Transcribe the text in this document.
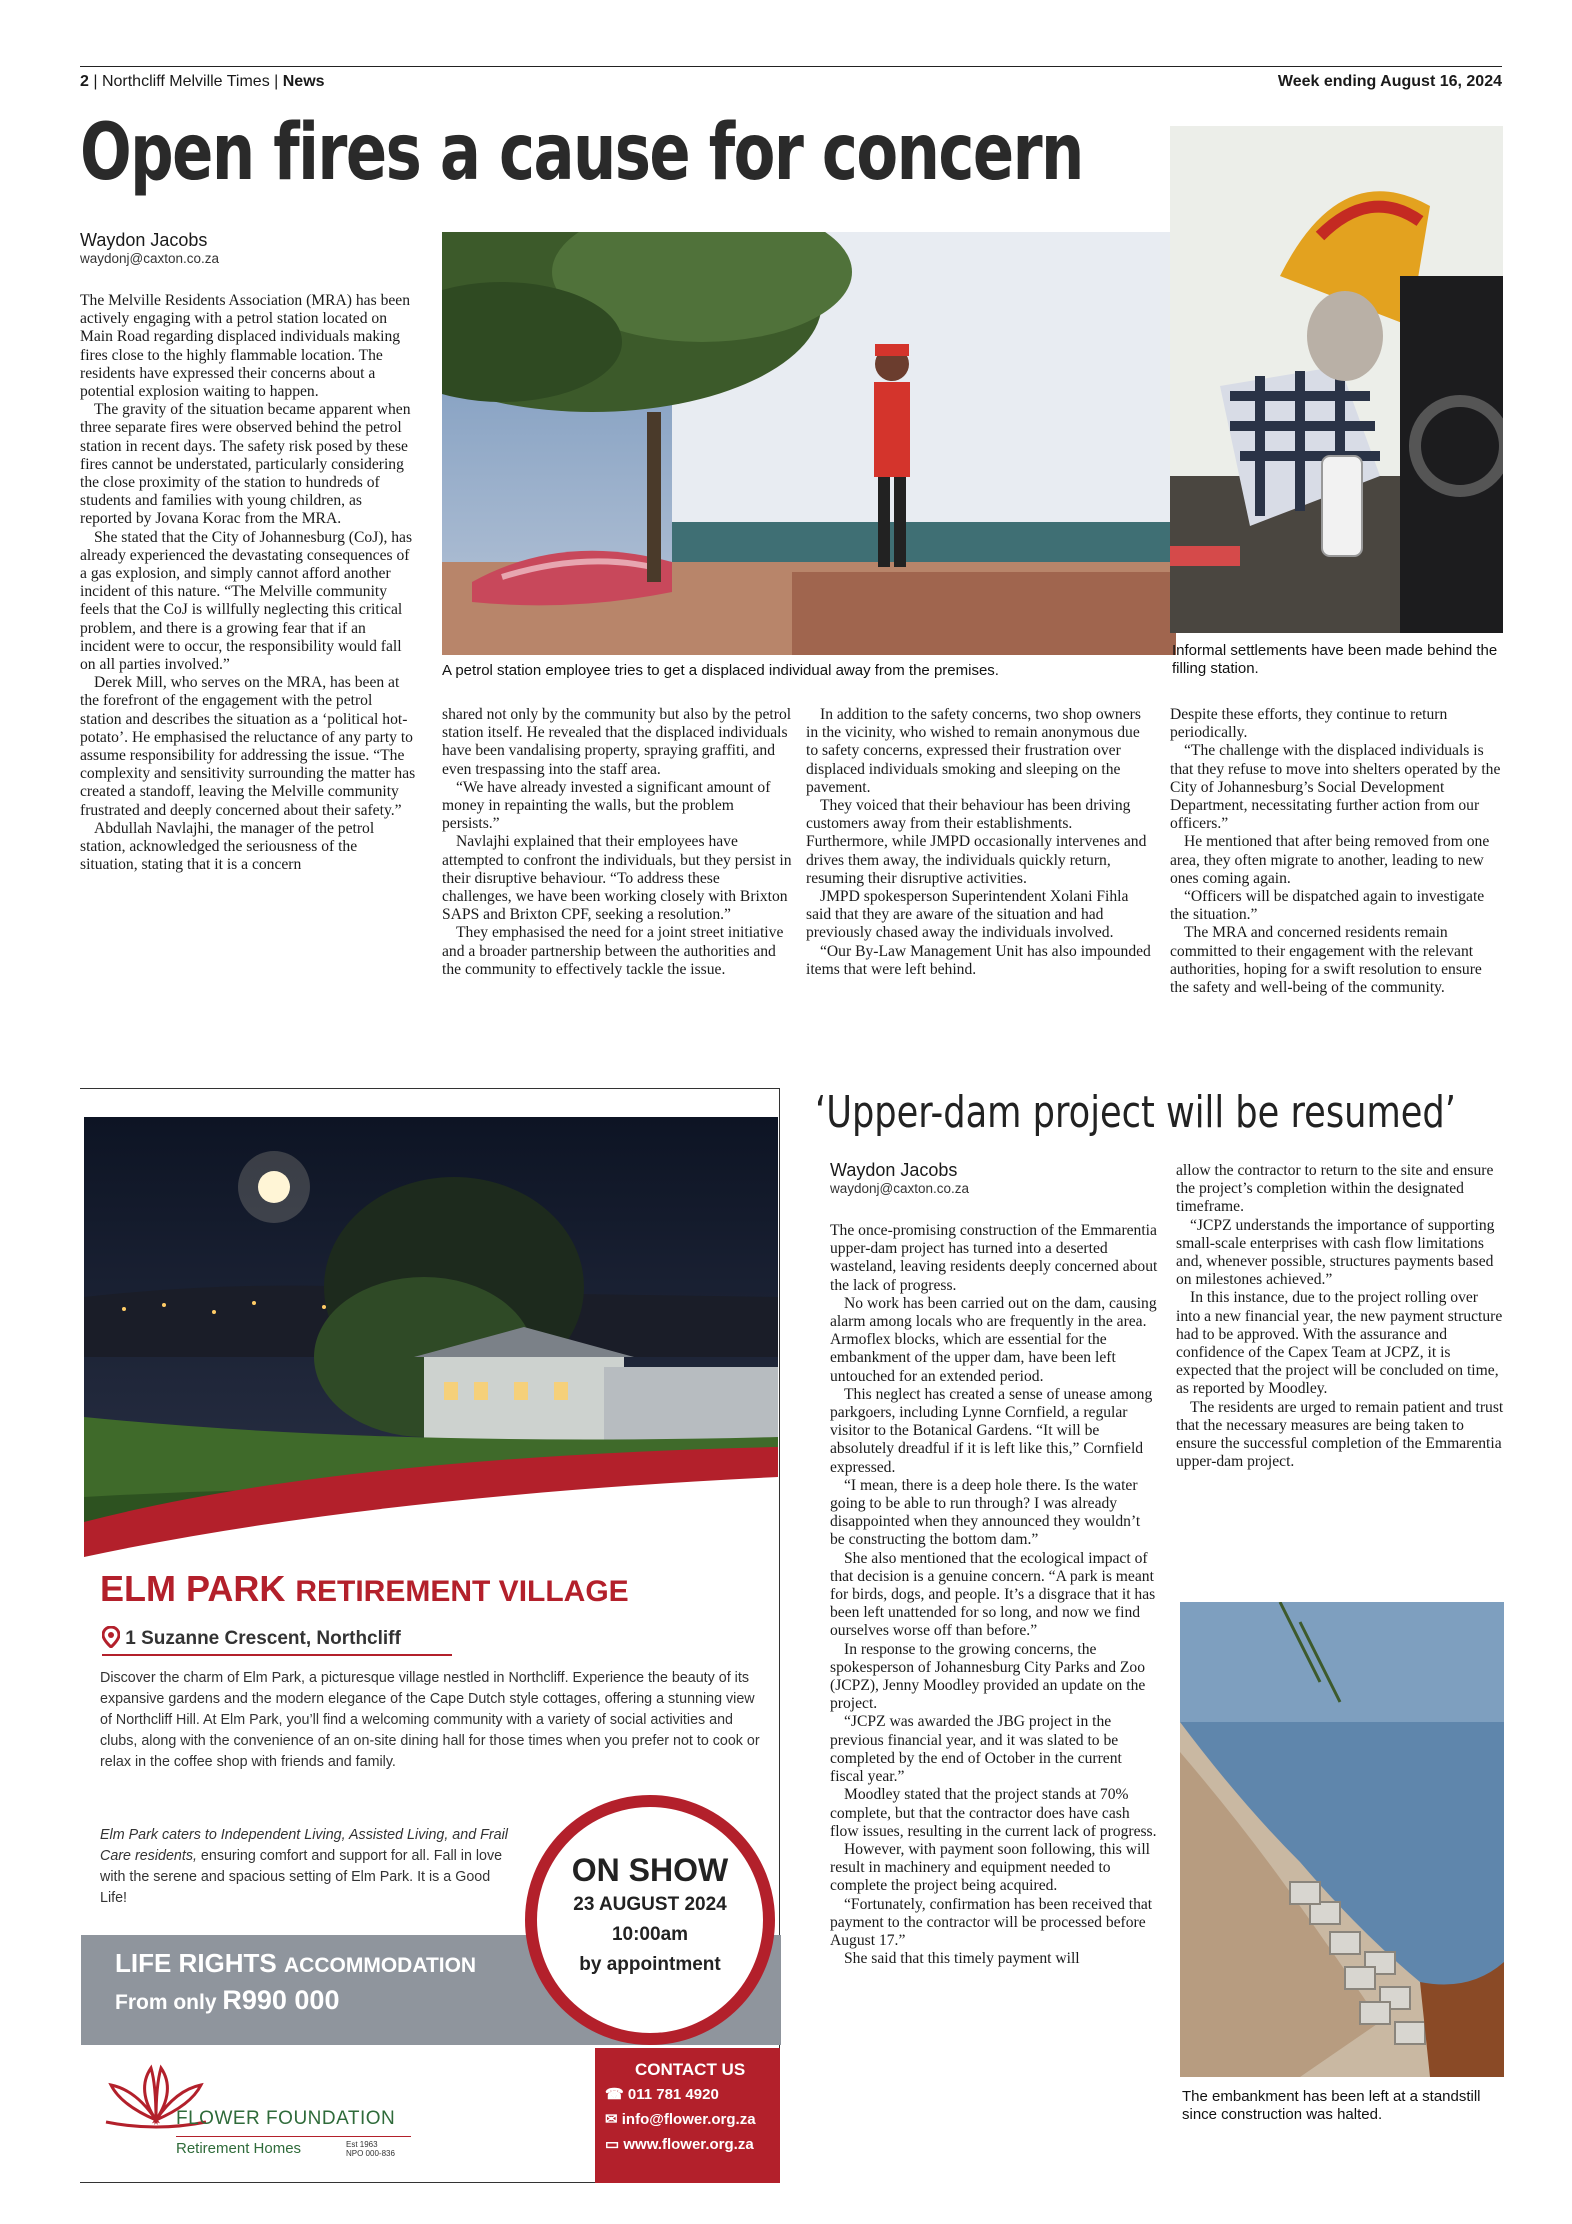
2 | Northcliff Melville Times | News	Week ending August 16, 2024
Open fires a cause for concern
Waydon Jacobs
waydonj@caxton.co.za

The Melville Residents Association (MRA) has been actively engaging with a petrol station located on Main Road regarding displaced individuals making fires close to the highly flammable location. The residents have expressed their concerns about a potential explosion waiting to happen.

The gravity of the situation became apparent when three separate fires were observed behind the petrol station in recent days. The safety risk posed by these fires cannot be understated, particularly considering the close proximity of the station to hundreds of students and families with young children, as reported by Jovana Korac from the MRA.

She stated that the City of Johannesburg (CoJ), has already experienced the devastating consequences of a gas explosion, and simply cannot afford another incident of this nature. “The Melville community feels that the CoJ is willfully neglecting this critical problem, and there is a growing fear that if an incident were to occur, the responsibility would fall on all parties involved.”

Derek Mill, who serves on the MRA, has been at the forefront of the engagement with the petrol station and describes the situation as a ‘political hot-potato’. He emphasised the reluctance of any party to assume responsibility for addressing the issue. “The complexity and sensitivity surrounding the matter has created a standoff, leaving the Melville community frustrated and deeply concerned about their safety.”

Abdullah Navlajhi, the manager of the petrol station, acknowledged the seriousness of the situation, stating that it is a concern

A petrol station employee tries to get a displaced individual away from the premises.
Informal settlements have been made behind the filling station.

shared not only by the community but also by the petrol station itself. He revealed that the displaced individuals have been vandalising property, spraying graffiti, and even trespassing into the staff area.

“We have already invested a significant amount of money in repainting the walls, but the problem persists.”

Navlajhi explained that their employees have attempted to confront the individuals, but they persist in their disruptive behaviour. “To address these challenges, we have been working closely with Brixton SAPS and Brixton CPF, seeking a resolution.”

They emphasised the need for a joint street initiative and a broader partnership between the authorities and the community to effectively tackle the issue.

In addition to the safety concerns, two shop owners in the vicinity, who wished to remain anonymous due to safety concerns, expressed their frustration over displaced individuals smoking and sleeping on the pavement.

They voiced that their behaviour has been driving customers away from their establishments. Furthermore, while JMPD occasionally intervenes and drives them away, the individuals quickly return, resuming their disruptive activities.

JMPD spokesperson Superintendent Xolani Fihla said that they are aware of the situation and had previously chased away the individuals involved.

“Our By-Law Management Unit has also impounded items that were left behind.

Despite these efforts, they continue to return periodically.

“The challenge with the displaced individuals is that they refuse to move into shelters operated by the City of Johannesburg’s Social Development Department, necessitating further action from our officers.”

He mentioned that after being removed from one area, they often migrate to another, leading to new ones coming again.

“Officers will be dispatched again to investigate the situation.”

The MRA and concerned residents remain committed to their engagement with the relevant authorities, hoping for a swift resolution to ensure the safety and well-being of the community.

ELM PARK RETIREMENT VILLAGE
1 Suzanne Crescent, Northcliff
Discover the charm of Elm Park, a picturesque village nestled in Northcliff. Experience the beauty of its expansive gardens and the modern elegance of the Cape Dutch style cottages, offering a stunning view of Northcliff Hill. At Elm Park, you’ll find a welcoming community with a variety of social activities and clubs, along with the convenience of an on-site dining hall for those times when you prefer not to cook or relax in the coffee shop with friends and family.
Elm Park caters to Independent Living, Assisted Living, and Frail Care residents, ensuring comfort and support for all. Fall in love with the serene and spacious setting of Elm Park. It is a Good Life!
LIFE RIGHTS ACCOMMODATION
From only R990 000
ON SHOW
23 AUGUST 2024
10:00am
by appointment
FLOWER FOUNDATION
Retirement Homes	Est 1963
NPO 000-836
CONTACT US
☎ 011 781 4920
✉ info@flower.org.za
▭ www.flower.org.za
‘Upper-dam project will be resumed’
Waydon Jacobs
waydonj@caxton.co.za

The once-promising construction of the Emmarentia upper-dam project has turned into a deserted wasteland, leaving residents deeply concerned about the lack of progress.

No work has been carried out on the dam, causing alarm among locals who are frequently in the area. Armoflex blocks, which are essential for the embankment of the upper dam, have been left untouched for an extended period.

This neglect has created a sense of unease among parkgoers, including Lynne Cornfield, a regular visitor to the Botanical Gardens. “It will be absolutely dreadful if it is left like this,” Cornfield expressed.

“I mean, there is a deep hole there. Is the water going to be able to run through? I was already disappointed when they announced they wouldn’t be constructing the bottom dam.”

She also mentioned that the ecological impact of that decision is a genuine concern. “A park is meant for birds, dogs, and people. It’s a disgrace that it has been left unattended for so long, and now we find ourselves worse off than before.”

In response to the growing concerns, the spokesperson of Johannesburg City Parks and Zoo (JCPZ), Jenny Moodley provided an update on the project.

“JCPZ was awarded the JBG project in the previous financial year, and it was slated to be completed by the end of October in the current fiscal year.”

Moodley stated that the project stands at 70% complete, but that the contractor does have cash flow issues, resulting in the current lack of progress.

However, with payment soon following, this will result in machinery and equipment needed to complete the project being acquired.

“Fortunately, confirmation has been received that payment to the contractor will be processed before August 17.”

She said that this timely payment will

allow the contractor to return to the site and ensure the project’s completion within the designated timeframe.

“JCPZ understands the importance of supporting small-scale enterprises with cash flow limitations and, whenever possible, structures payments based on milestones achieved.”

In this instance, due to the project rolling over into a new financial year, the new payment structure had to be approved. With the assurance and confidence of the Capex Team at JCPZ, it is expected that the project will be concluded on time, as reported by Moodley.

The residents are urged to remain patient and trust that the necessary measures are being taken to ensure the successful completion of the Emmarentia upper-dam project.

The embankment has been left at a standstill since construction was halted.
